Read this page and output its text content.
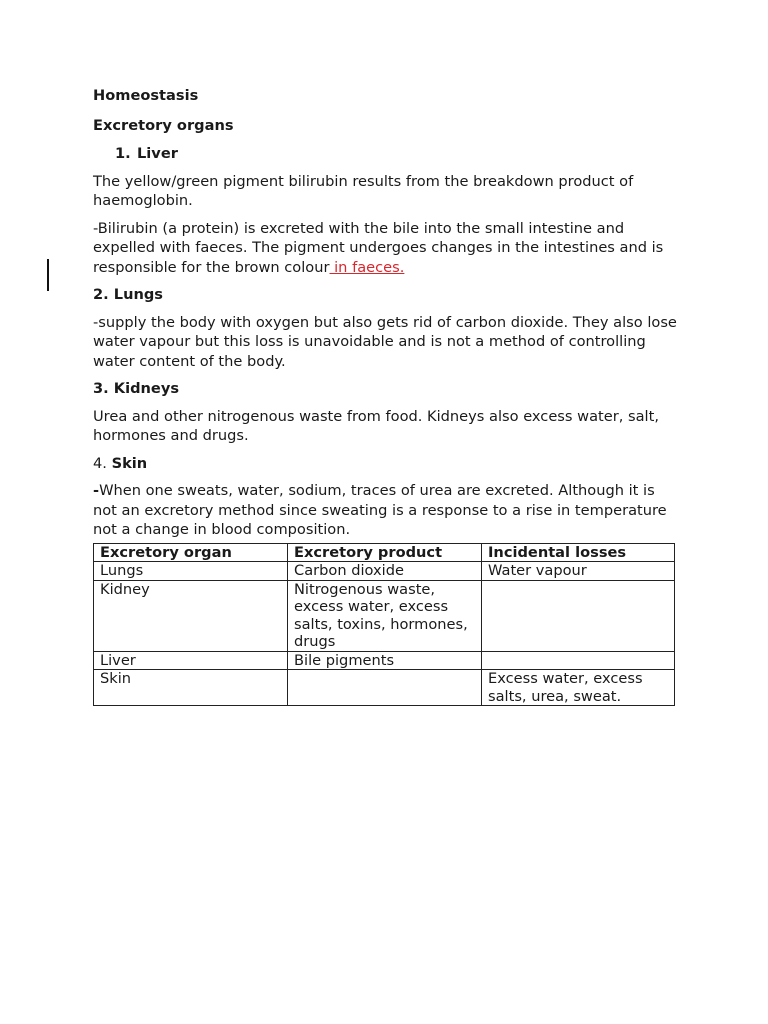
Homeostasis

Excretory organs

1. Liver

The yellow/green pigment bilirubin results from the breakdown product of haemoglobin.

-Bilirubin (a protein) is excreted with the bile into the small intestine and expelled with faeces. The pigment undergoes changes in the intestines and is responsible for the brown colour in faeces.

2. Lungs

-supply the body with oxygen but also gets rid of carbon dioxide. They also lose water vapour but this loss is unavoidable and is not a method of controlling water content of the body.

3. Kidneys

Urea and other nitrogenous waste from food. Kidneys also excess water, salt, hormones and drugs.

4. Skin

-When one sweats, water, sodium, traces of urea are excreted. Although it is not an excretory method since sweating is a response to a rise in temperature not a change in blood composition.

Excretory organ	Excretory product	Incidental losses
Lungs	Carbon dioxide	Water vapour
Kidney	Nitrogenous waste, excess water, excess salts, toxins, hormones, drugs	
Liver	Bile pigments	
Skin		Excess water, excess salts, urea, sweat.
